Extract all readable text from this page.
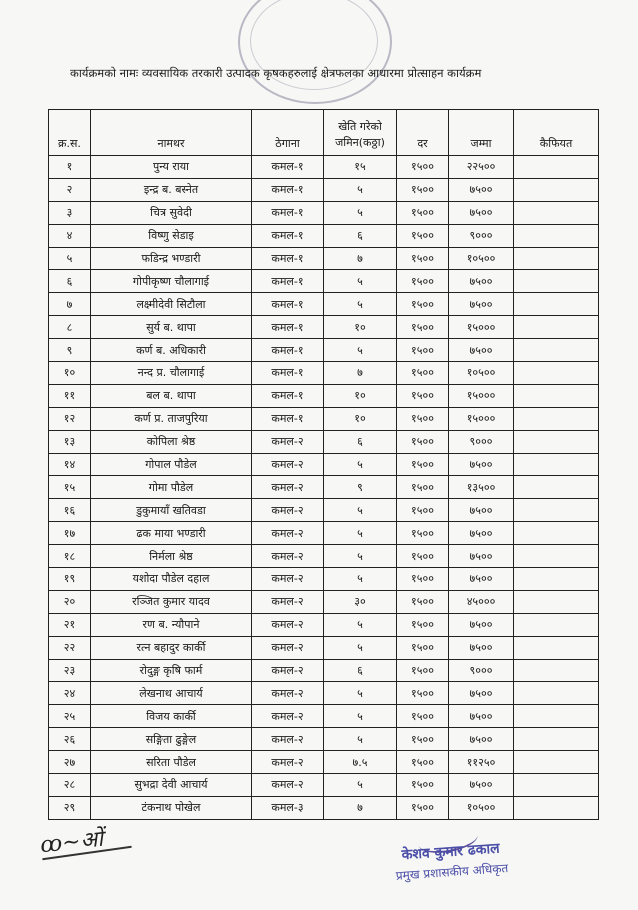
कार्यक्रमको नामः व्यवसायिक तरकारी उत्पादक कृषकहरुलाई क्षेत्रफलका आधारमा प्रोत्साहन कार्यक्रम
क्र.स.	नामथर	ठेगाना	खेति गरेको जमिन(कठ्ठा)	दर	जम्मा	कैफियत
१	पुन्य राया	कमल-१	१५	१५००	२२५००	
२	इन्द्र ब. बस्नेत	कमल-१	५	१५००	७५००	
३	चित्र सुवेदी	कमल-१	५	१५००	७५००	
४	विष्णु सेडाइ	कमल-१	६	१५००	९०००	
५	फडिन्द्र भण्डारी	कमल-१	७	१५००	१०५००	
६	गोपीकृष्ण चौलागाई	कमल-१	५	१५००	७५००	
७	लक्ष्मीदेवी सिटौला	कमल-१	५	१५००	७५००	
८	सुर्य ब. थापा	कमल-१	१०	१५००	१५०००	
९	कर्ण ब. अधिकारी	कमल-१	५	१५००	७५००	
१०	नन्द प्र. चौलागाई	कमल-१	७	१५००	१०५००	
११	बल ब. थापा	कमल-१	१०	१५००	१५०००	
१२	कर्ण प्र. ताजपुरिया	कमल-१	१०	१५००	१५०००	
१३	कोपिला श्रेष्ठ	कमल-२	६	१५००	९०००	
१४	गोपाल पौडेल	कमल-२	५	१५००	७५००	
१५	गोमा पौडेल	कमल-२	९	१५००	१३५००	
१६	डुकुमायाँ खतिवडा	कमल-२	५	१५००	७५००	
१७	ढक माया भण्डारी	कमल-२	५	१५००	७५००	
१८	निर्मला श्रेष्ठ	कमल-२	५	१५००	७५००	
१९	यशोदा पौडेल दहाल	कमल-२	५	१५००	७५००	
२०	रञ्जित कुमार यादव	कमल-२	३०	१५००	४५०००	
२१	रण ब. न्यौपाने	कमल-२	५	१५००	७५००	
२२	रत्न बहादुर कार्की	कमल-२	५	१५००	७५००	
२३	रोदुङ्ग कृषि फार्म	कमल-२	६	१५००	९०००	
२४	लेखनाथ आचार्य	कमल-२	५	१५००	७५००	
२५	विजय कार्की	कमल-२	५	१५००	७५००	
२६	सङ्गिता ढुङ्गेल	कमल-२	५	१५००	७५००	
२७	सरिता पौडेल	कमल-२	७.५	१५००	११२५०	
२८	सुभद्रा देवी आचार्य	कमल-२	५	१५००	७५००	
२९	टंकनाथ पोखेल	कमल-३	७	१५००	१०५००	
ꝏ~ओं	केशव कुमार ढकाल
प्रमुख प्रशासकीय अधिकृत
